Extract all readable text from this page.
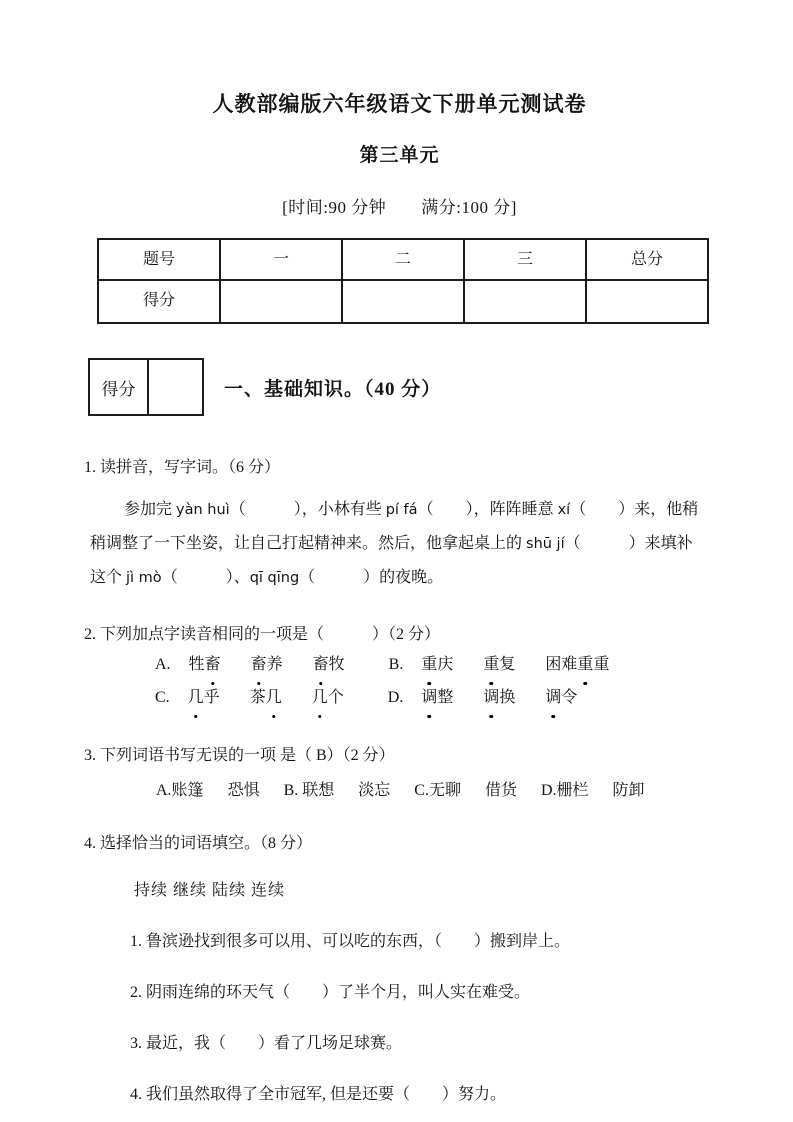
人教部编版六年级语文下册单元测试卷
第三单元
[时间:90 分钟　　满分:100 分]
题号	一	二	三	总分
得分				
得分		一、基础知识。（40 分）
1. 读拼音，写字词。（6 分）
参加完 yàn huì（　　　），小林有些 pí fá（　　），阵阵睡意 xí（　　）来，他稍
稍调整了一下坐姿，让自己打起精神来。然后，他拿起桌上的 shū jí（　　　）来填补
这个 jì mò（　　　）、qī qīng（　　　）的夜晚。
2. 下列加点字读音相同的一项是（　　　）（2 分）
A. 牲畜 畜养 畜牧	B. 重庆 重复 困难重重
C. 几乎 茶几 几个	D. 调整 调换 调令
3. 下列词语书写无误的一项 是（ B）（2 分）
A.账篷 恐惧 B. 联想 淡忘 C.无聊 借货 D.栅栏 防卸
4. 选择恰当的词语填空。（8 分）
持续 继续 陆续 连续
1. 鲁滨逊找到很多可以用、可以吃的东西，（　　）搬到岸上。
2. 阴雨连绵的环天气（　　）了半个月，叫人实在难受。
3. 最近，我（　　）看了几场足球赛。
4. 我们虽然取得了全市冠军, 但是还要（　　）努力。
